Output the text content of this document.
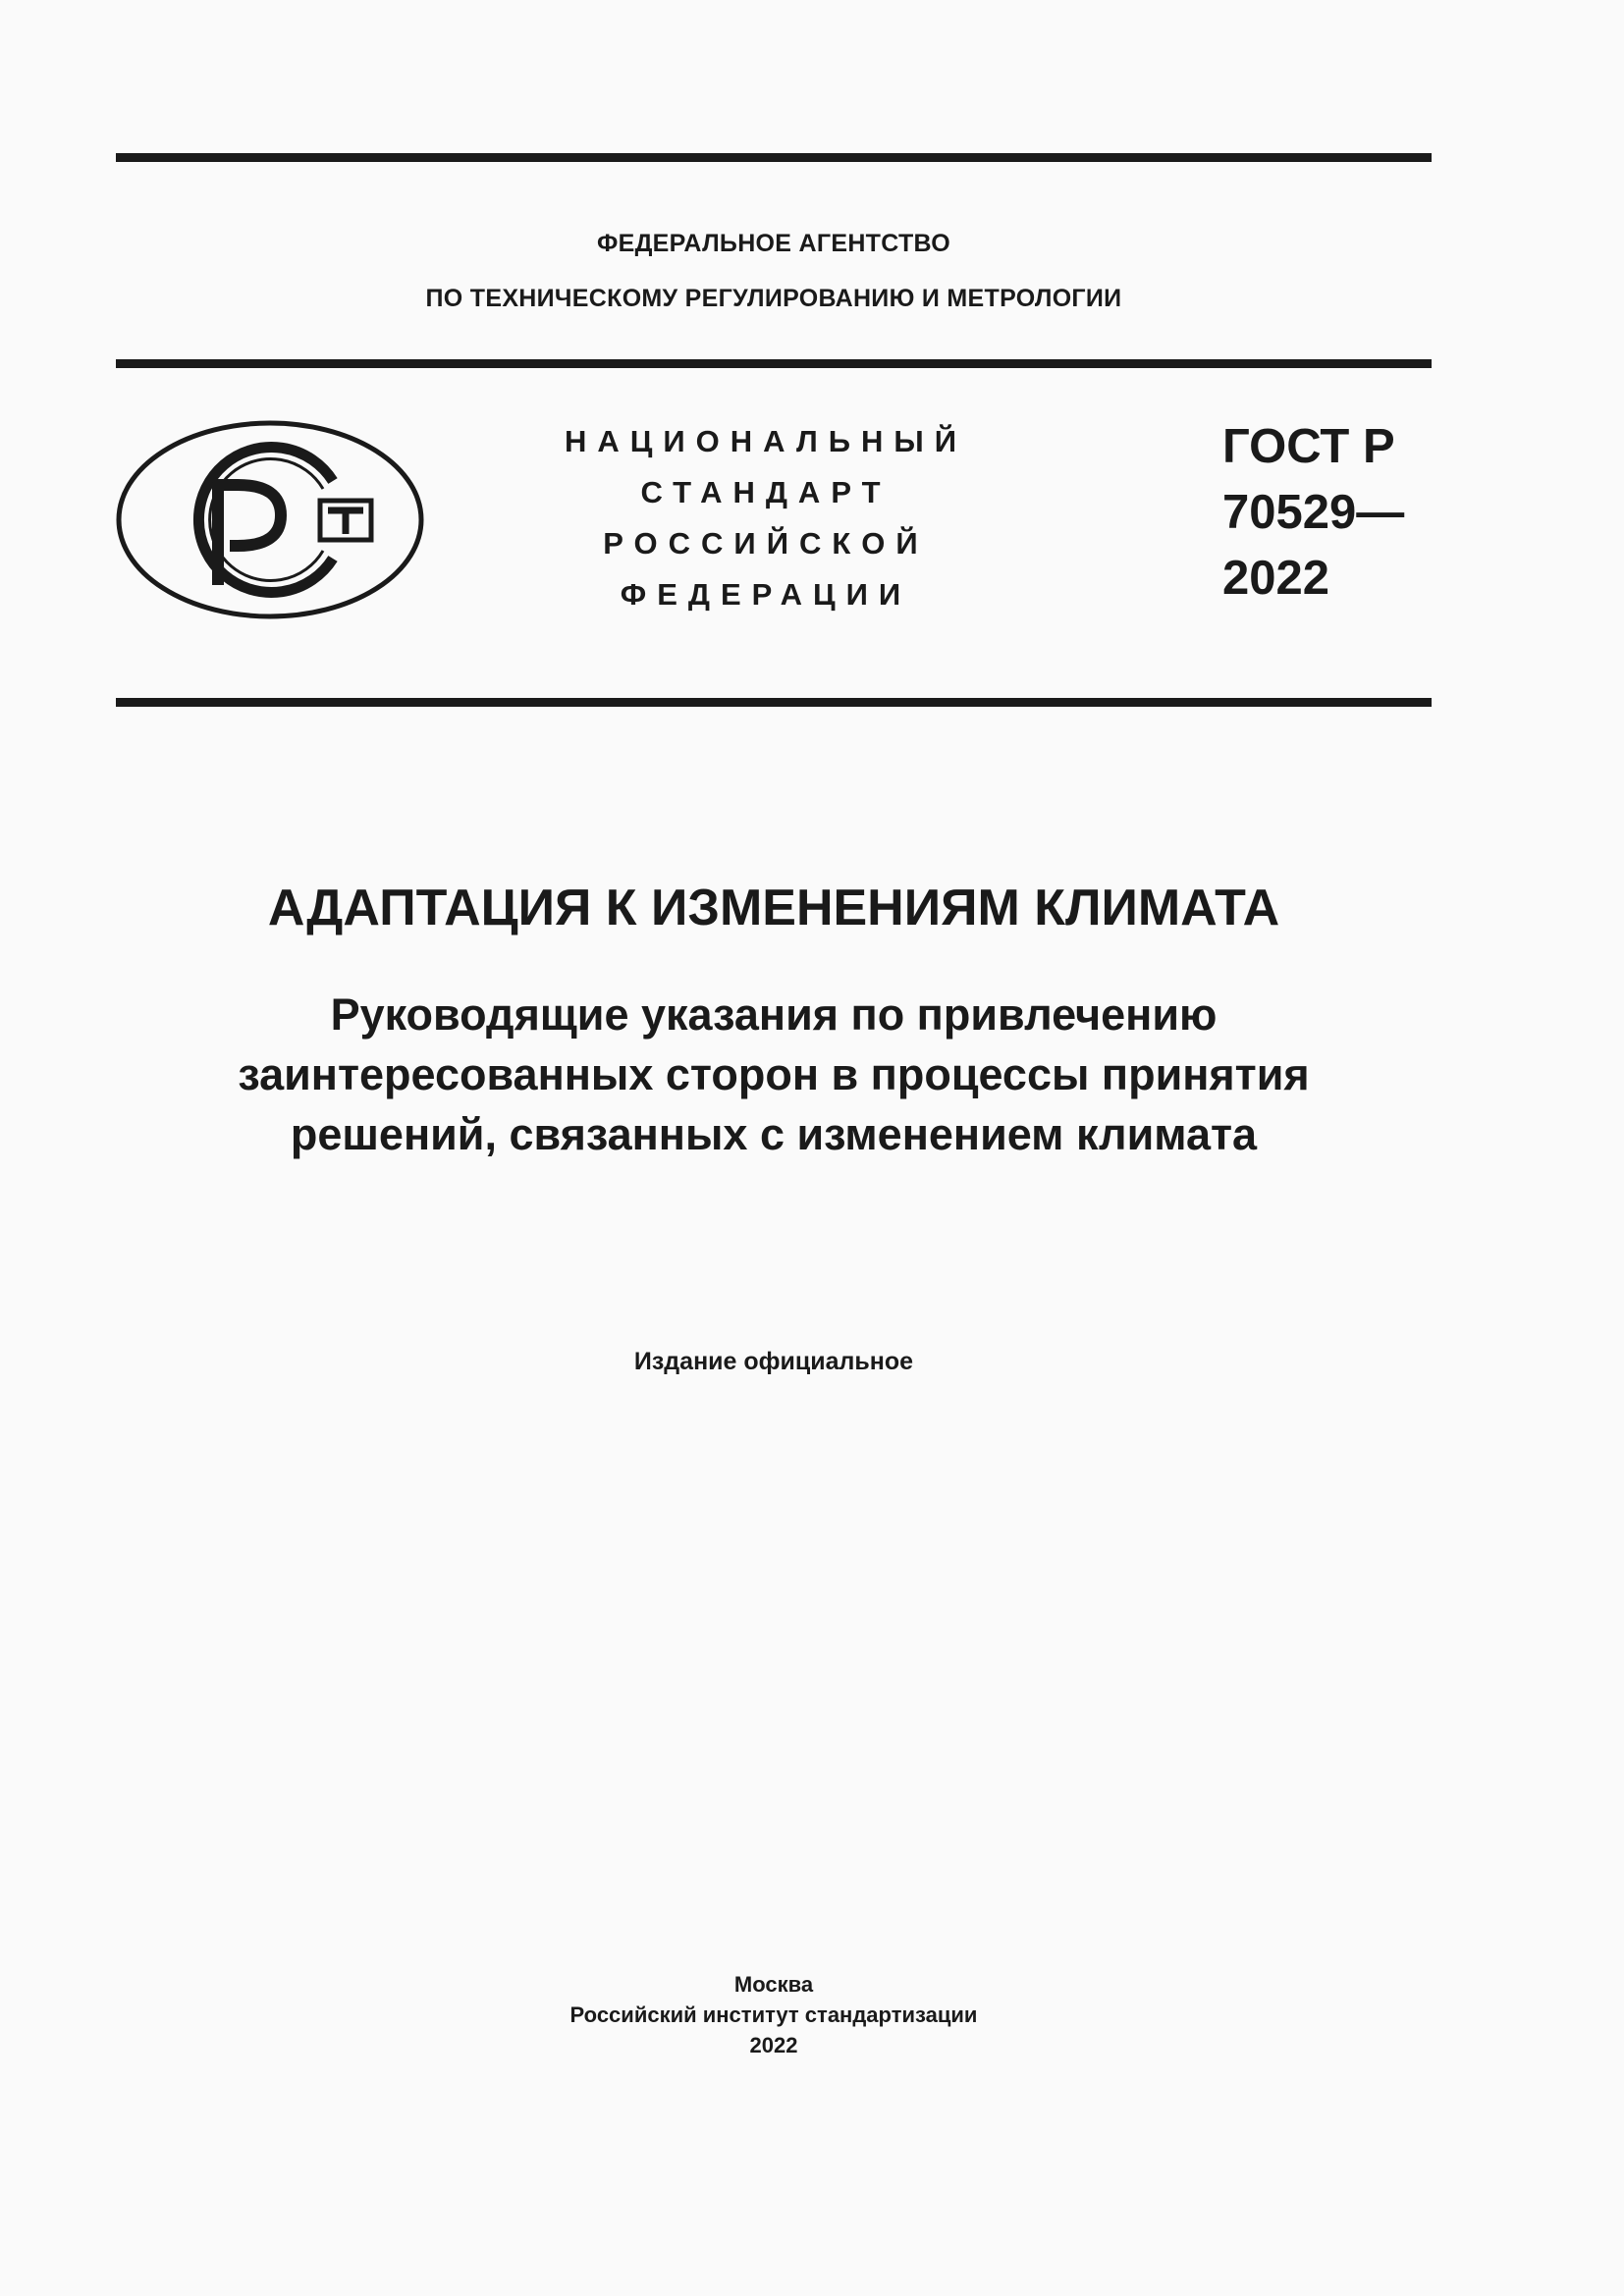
ФЕДЕРАЛЬНОЕ АГЕНТСТВО
ПО ТЕХНИЧЕСКОМУ РЕГУЛИРОВАНИЮ И МЕТРОЛОГИИ
НАЦИОНАЛЬНЫЙ
СТАНДАРТ
РОССИЙСКОЙ
ФЕДЕРАЦИИ
ГОСТ Р
70529—
2022
АДАПТАЦИЯ К ИЗМЕНЕНИЯМ КЛИМАТА
Руководящие указания по привлечению
заинтересованных сторон в процессы принятия
решений, связанных с изменением климата
Издание официальное
Москва
Российский институт стандартизации
2022
